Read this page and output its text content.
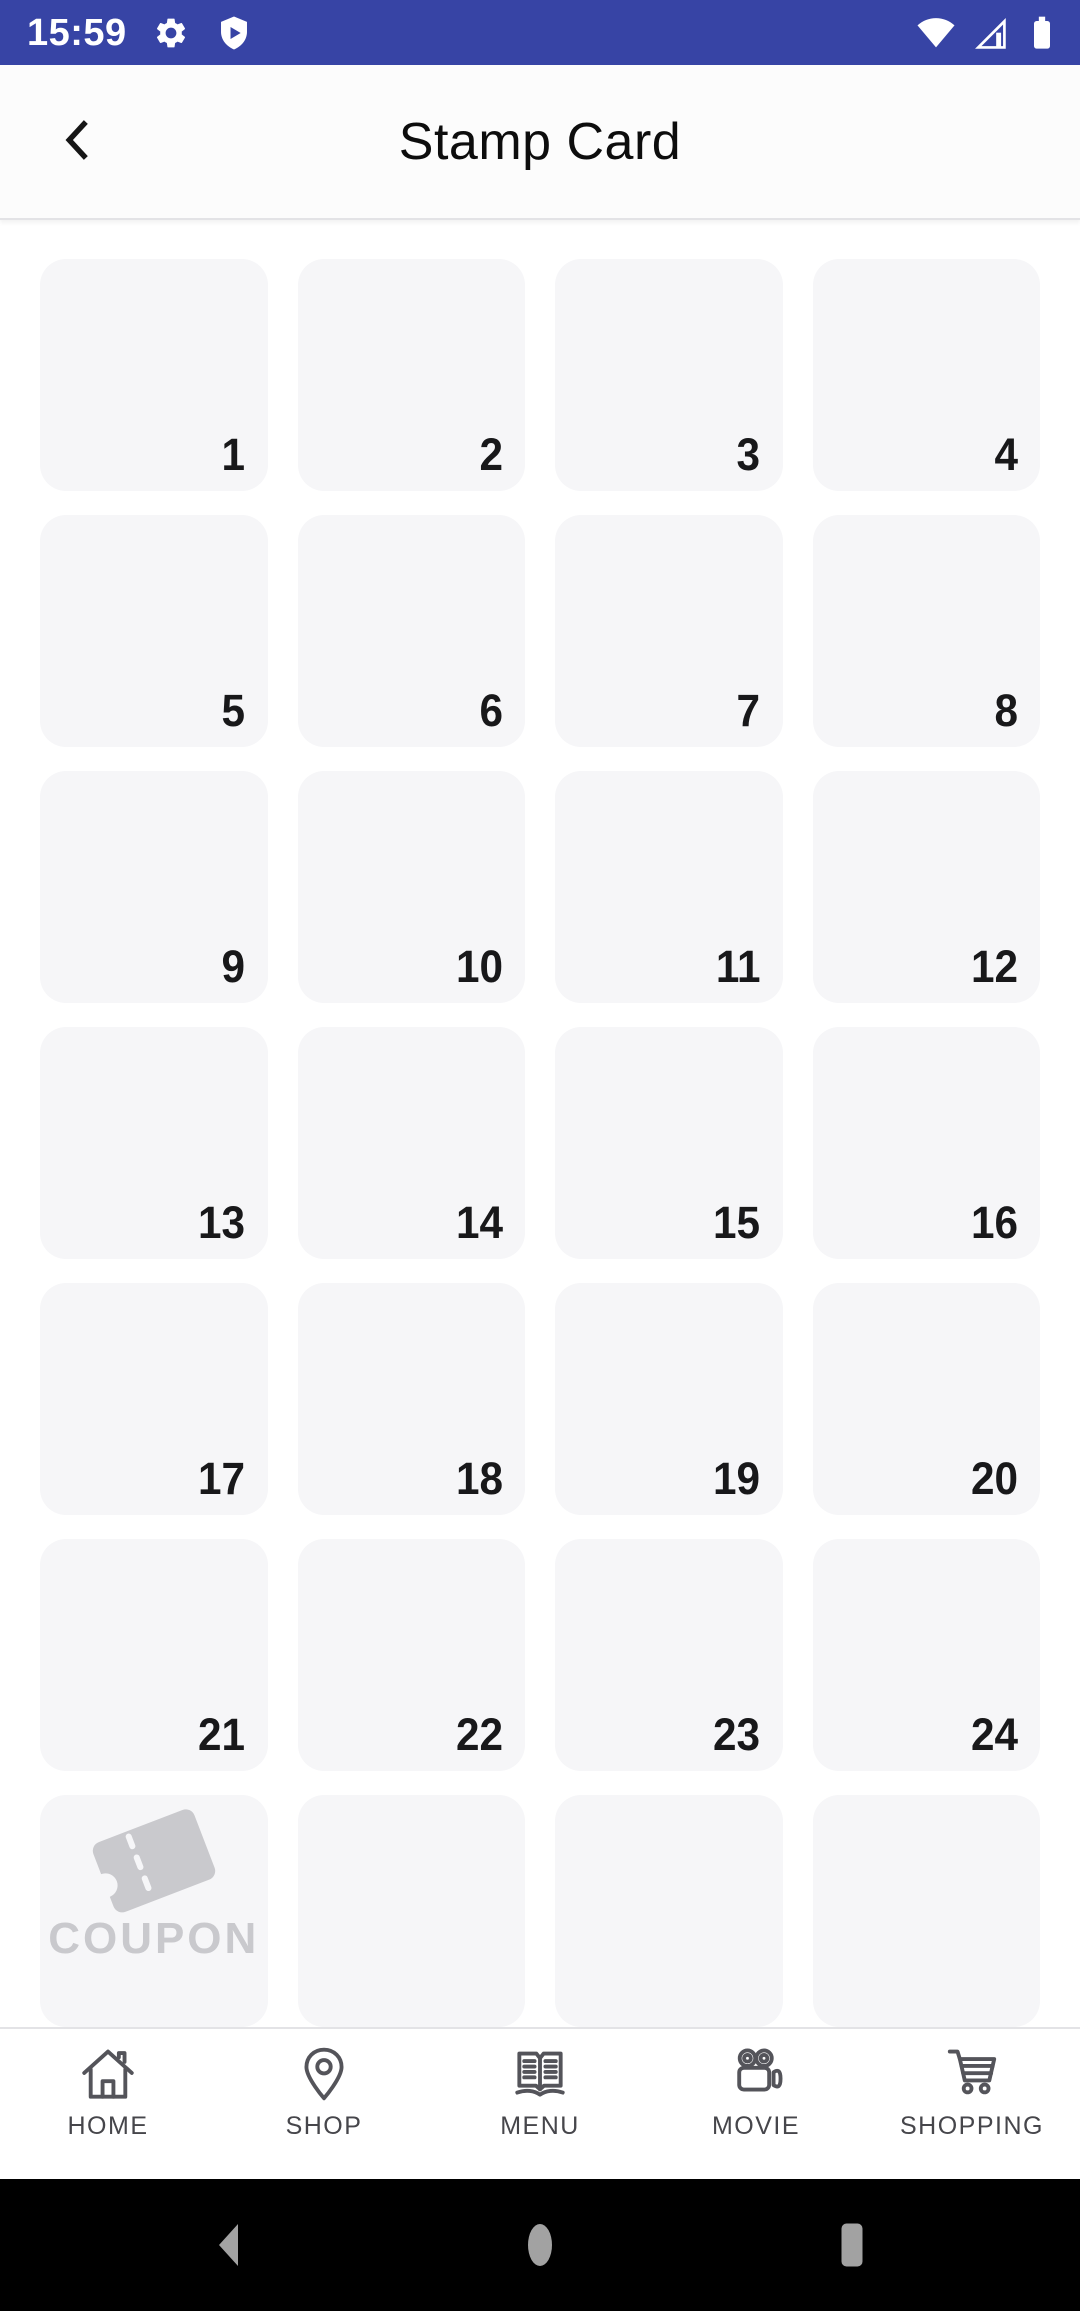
15:59
Stamp Card
1	2	3	4
5	6	7	8
9	10	11	12
13	14	15	16
17	18	19	20
21	22	23	24
COUPON
HOME	SHOP	MENU	MOVIE	SHOPPING
